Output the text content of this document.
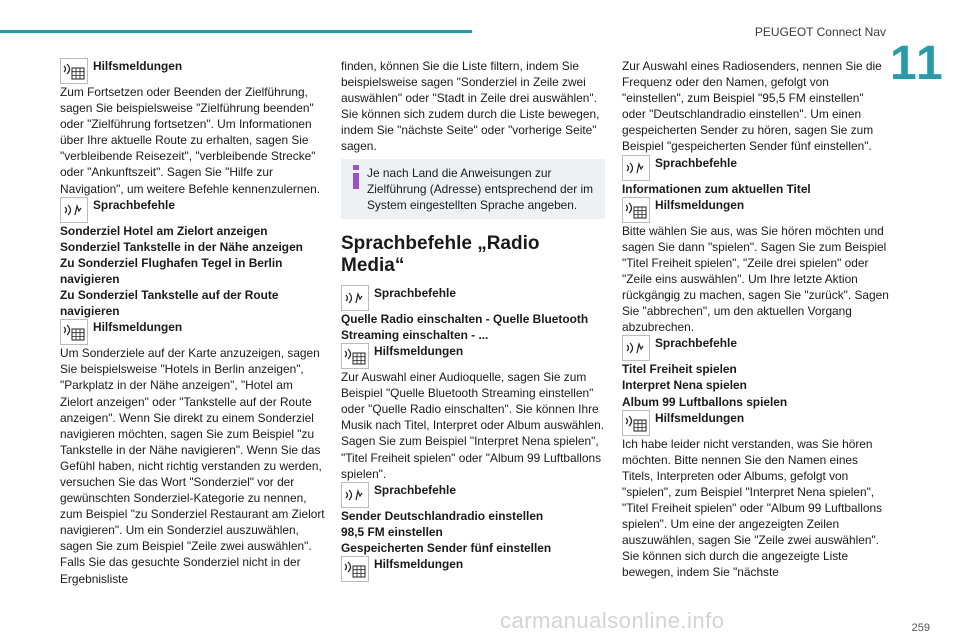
PEUGEOT Connect Nav
11
Hilfsmeldungen

Zum Fortsetzen oder Beenden der Zielführung, sagen Sie beispielsweise "Zielführung beenden" oder "Zielführung fortsetzen". Um Informationen über Ihre aktuelle Route zu erhalten, sagen Sie "verbleibende Reisezeit", "verbleibende Strecke" oder "Ankunftszeit". Sagen Sie "Hilfe zur Navigation", um weitere Befehle kennenzulernen.

Sprachbefehle

Sonderziel Hotel am Zielort anzeigen

Sonderziel Tankstelle in der Nähe anzeigen

Zu Sonderziel Flughafen Tegel in Berlin navigieren

Zu Sonderziel Tankstelle auf der Route navigieren

Hilfsmeldungen

Um Sonderziele auf der Karte anzuzeigen, sagen Sie beispielsweise "Hotels in Berlin anzeigen", "Parkplatz in der Nähe anzeigen", "Hotel am Zielort anzeigen" oder "Tankstelle auf der Route anzeigen". Wenn Sie direkt zu einem Sonderziel navigieren möchten, sagen Sie zum Beispiel "zu Tankstelle in der Nähe navigieren". Wenn Sie das Gefühl haben, nicht richtig verstanden zu werden, versuchen Sie das Wort "Sonderziel" vor der gewünschten Sonderziel-Kategorie zu nennen, zum Beispiel "zu Sonderziel Restaurant am Zielort navigieren". Um ein Sonderziel auszuwählen, sagen Sie zum Beispiel "Zeile zwei auswählen". Falls Sie das gesuchte Sonderziel nicht in der Ergebnisliste

finden, können Sie die Liste filtern, indem Sie beispielsweise sagen "Sonderziel in Zeile zwei auswählen" oder "Stadt in Zeile drei auswählen". Sie können sich zudem durch die Liste bewegen, indem Sie "nächste Seite" oder "vorherige Seite" sagen.

Je nach Land die Anweisungen zur Zielführung (Adresse) entsprechend der im System eingestellten Sprache angeben.

Sprachbefehle „Radio Media“
Sprachbefehle

Quelle Radio einschalten - Quelle Bluetooth Streaming einschalten - ...

Hilfsmeldungen

Zur Auswahl einer Audioquelle, sagen Sie zum Beispiel "Quelle Bluetooth Streaming einstellen" oder "Quelle Radio einschalten". Sie können Ihre Musik nach Titel, Interpret oder Album auswählen. Sagen Sie zum Beispiel "Interpret Nena spielen", "Titel Freiheit spielen" oder "Album 99 Luftballons spielen".

Sprachbefehle

Sender Deutschlandradio einstellen

98,5 FM einstellen

Gespeicherten Sender fünf einstellen

Hilfsmeldungen

Zur Auswahl eines Radiosenders, nennen Sie die Frequenz oder den Namen, gefolgt von "einstellen", zum Beispiel "95,5 FM einstellen" oder "Deutschlandradio einstellen". Um einen gespeicherten Sender zu hören, sagen Sie zum Beispiel "gespeicherten Sender fünf einstellen".

Sprachbefehle

Informationen zum aktuellen Titel

Hilfsmeldungen

Bitte wählen Sie aus, was Sie hören möchten und sagen Sie dann "spielen". Sagen Sie zum Beispiel "Titel Freiheit spielen", "Zeile drei spielen" oder "Zeile eins auswählen". Um Ihre letzte Aktion rückgängig zu machen, sagen Sie "zurück". Sagen Sie "abbrechen", um den aktuellen Vorgang abzubrechen.

Sprachbefehle

Titel Freiheit spielen

Interpret Nena spielen

Album 99 Luftballons spielen

Hilfsmeldungen

Ich habe leider nicht verstanden, was Sie hören möchten. Bitte nennen Sie den Namen eines Titels, Interpreten oder Albums, gefolgt von "spielen", zum Beispiel "Interpret Nena spielen", "Titel Freiheit spielen" oder "Album 99 Luftballons spielen". Um eine der angezeigten Zeilen auszuwählen, sagen Sie "Zeile zwei auswählen". Sie können sich durch die angezeigte Liste bewegen, indem Sie "nächste

carmanualsonline.info	259
